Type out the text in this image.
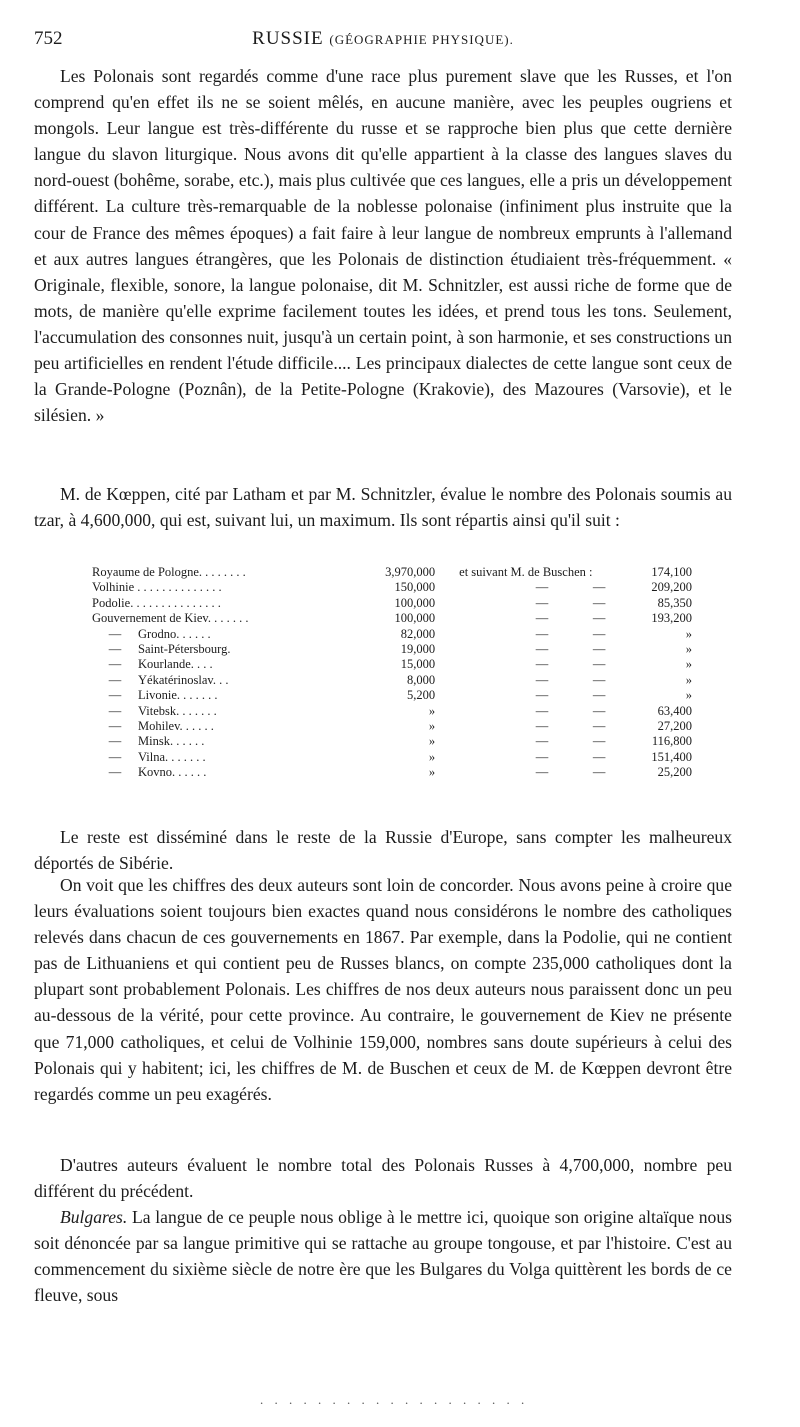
752	RUSSIE (GÉOGRAPHIE PHYSIQUE).

Les Polonais sont regardés comme d'une race plus purement slave que les Russes, et l'on comprend qu'en effet ils ne se soient mêlés, en aucune manière, avec les peuples ougriens et mongols. Leur langue est très-différente du russe et se rapproche bien plus que cette dernière langue du slavon liturgique. Nous avons dit qu'elle appartient à la classe des langues slaves du nord-ouest (bohême, sorabe, etc.), mais plus cultivée que ces langues, elle a pris un développement différent. La culture très-remarquable de la noblesse polonaise (infiniment plus instruite que la cour de France des mêmes époques) a fait faire à leur langue de nombreux emprunts à l'allemand et aux autres langues étrangères, que les Polonais de distinction étudiaient très-fréquemment. « Originale, flexible, sonore, la langue polonaise, dit M. Schnitzler, est aussi riche de forme que de mots, de manière qu'elle exprime facilement toutes les idées, et prend tous les tons. Seulement, l'accumulation des consonnes nuit, jusqu'à un certain point, à son harmonie, et ses constructions un peu artificielles en rendent l'étude difficile.... Les principaux dialectes de cette langue sont ceux de la Grande-Pologne (Poznân), de la Petite-Pologne (Krakovie), des Mazoures (Varsovie), et le silésien. »

M. de Kœppen, cité par Latham et par M. Schnitzler, évalue le nombre des Polonais soumis au tzar, à 4,600,000, qui est, suivant lui, un maximum. Ils sont répartis ainsi qu'il suit :

Royaume de Pologne. . . . . . . .	3,970,000	et suivant M. de Buschen :			174,100
Volhinie . . . . . . . . . . . . . .	150,000		—	—	209,200
Podolie. . . . . . . . . . . . . . .	100,000		—	—	85,350
Gouvernement de Kiev. . . . . . .	100,000		—	—	193,200
— Grodno. . . . . .	82,000		—	—	»
— Saint-Pétersbourg.	19,000		—	—	»
— Kourlande. . . .	15,000		—	—	»
— Yékatérinoslav. . .	8,000		—	—	»
— Livonie. . . . . . .	5,200		—	—	»
— Vitebsk. . . . . . .	»		—	—	63,400
— Mohilev. . . . . .	»		—	—	27,200
— Minsk. . . . . .	»		—	—	116,800
— Vilna. . . . . . .	»		—	—	151,400
— Kovno. . . . . .	»		—	—	25,200

Le reste est disséminé dans le reste de la Russie d'Europe, sans compter les malheureux déportés de Sibérie.

On voit que les chiffres des deux auteurs sont loin de concorder. Nous avons peine à croire que leurs évaluations soient toujours bien exactes quand nous considérons le nombre des catholiques relevés dans chacun de ces gouvernements en 1867. Par exemple, dans la Podolie, qui ne contient pas de Lithuaniens et qui contient peu de Russes blancs, on compte 235,000 catholiques dont la plupart sont probablement Polonais. Les chiffres de nos deux auteurs nous paraissent donc un peu au-dessous de la vérité, pour cette province. Au contraire, le gouvernement de Kiev ne présente que 71,000 catholiques, et celui de Volhinie 159,000, nombres sans doute supérieurs à celui des Polonais qui y habitent; ici, les chiffres de M. de Buschen et ceux de M. de Kœppen devront être regardés comme un peu exagérés.

D'autres auteurs évaluent le nombre total des Polonais Russes à 4,700,000, nombre peu différent du précédent.

Bulgares. La langue de ce peuple nous oblige à le mettre ici, quoique son origine altaïque nous soit dénoncée par sa langue primitive qui se rattache au groupe tongouse, et par l'histoire. C'est au commencement du sixième siècle de notre ère que les Bulgares du Volga quittèrent les bords de ce fleuve, sous

. . . . . . . . . . . . . . . . . . .
